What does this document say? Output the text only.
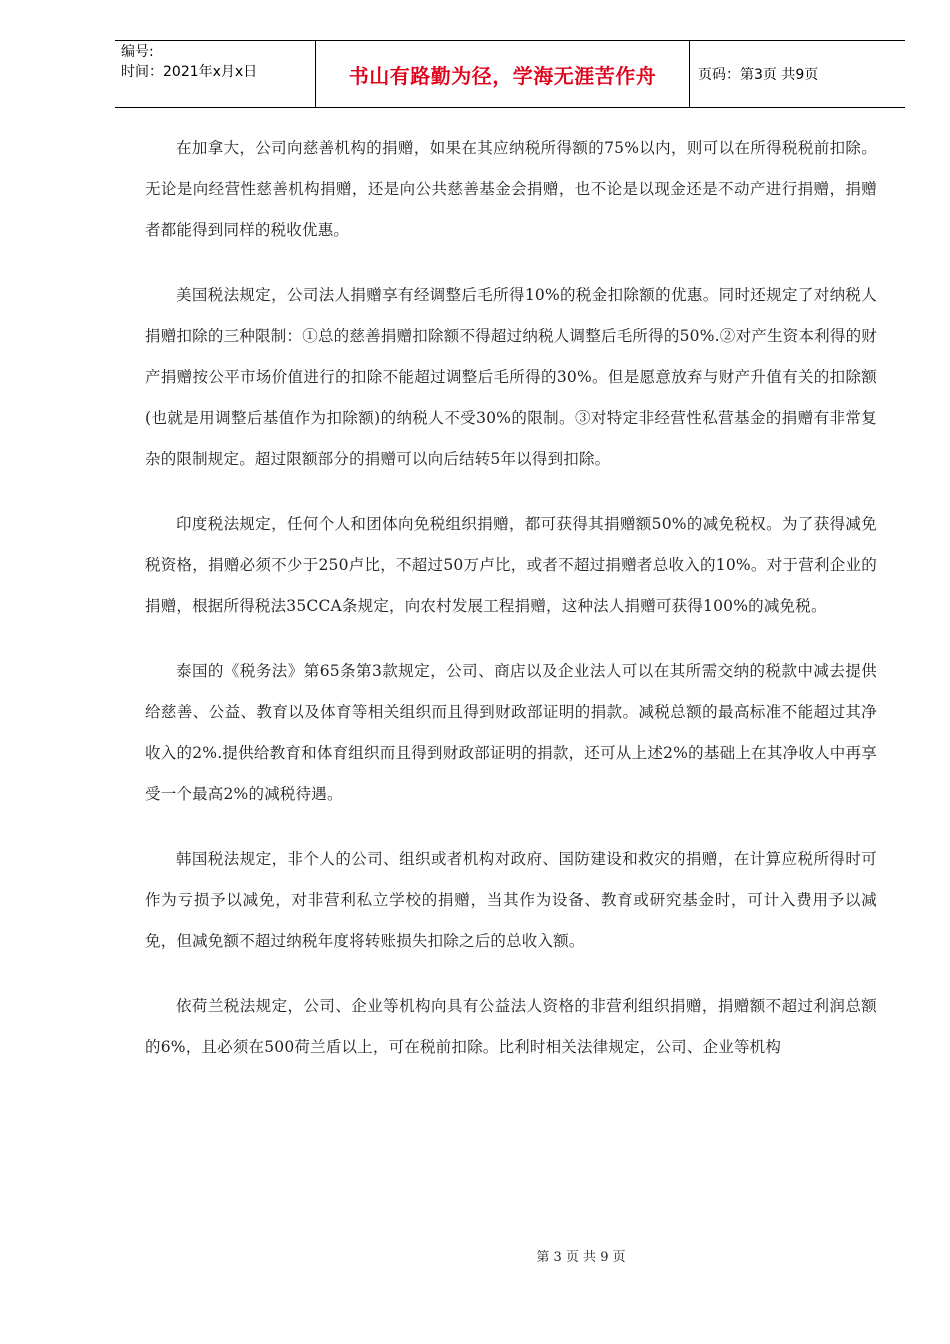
编号:
时间：2021年x月x日	书山有路勤为径，学海无涯苦作舟	页码：第3页 共9页

在加拿大，公司向慈善机构的捐赠，如果在其应纳税所得额的75%以内，则可以在所得税税前扣除。无论是向经营性慈善机构捐赠，还是向公共慈善基金会捐赠，也不论是以现金还是不动产进行捐赠，捐赠者都能得到同样的税收优惠。

美国税法规定，公司法人捐赠享有经调整后毛所得10%的税金扣除额的优惠。同时还规定了对纳税人捐赠扣除的三种限制：①总的慈善捐赠扣除额不得超过纳税人调整后毛所得的50%.②对产生资本利得的财产捐赠按公平市场价值进行的扣除不能超过调整后毛所得的30%。但是愿意放弃与财产升值有关的扣除额(也就是用调整后基值作为扣除额)的纳税人不受30%的限制。③对特定非经营性私营基金的捐赠有非常复杂的限制规定。超过限额部分的捐赠可以向后结转5年以得到扣除。

印度税法规定，任何个人和团体向免税组织捐赠，都可获得其捐赠额50%的减免税权。为了获得减免税资格，捐赠必须不少于250卢比，不超过50万卢比，或者不超过捐赠者总收入的10%。对于营利企业的捐赠，根据所得税法35CCA条规定，向农村发展工程捐赠，这种法人捐赠可获得100%的减免税。

泰国的《税务法》第65条第3款规定，公司、商店以及企业法人可以在其所需交纳的税款中减去提供给慈善、公益、教育以及体育等相关组织而且得到财政部证明的捐款。减税总额的最高标准不能超过其净收入的2%.提供给教育和体育组织而且得到财政部证明的捐款，还可从上述2%的基础上在其净收人中再享受一个最高2%的减税待遇。

韩国税法规定，非个人的公司、组织或者机构对政府、国防建设和救灾的捐赠，在计算应税所得时可作为亏损予以减免，对非营利私立学校的捐赠，当其作为设备、教育或研究基金时，可计入费用予以减免，但减免额不超过纳税年度将转账损失扣除之后的总收入额。

依荷兰税法规定，公司、企业等机构向具有公益法人资格的非营利组织捐赠，捐赠额不超过利润总额的6%，且必须在500荷兰盾以上，可在税前扣除。比利时相关法律规定，公司、企业等机构

第 3 页 共 9 页
